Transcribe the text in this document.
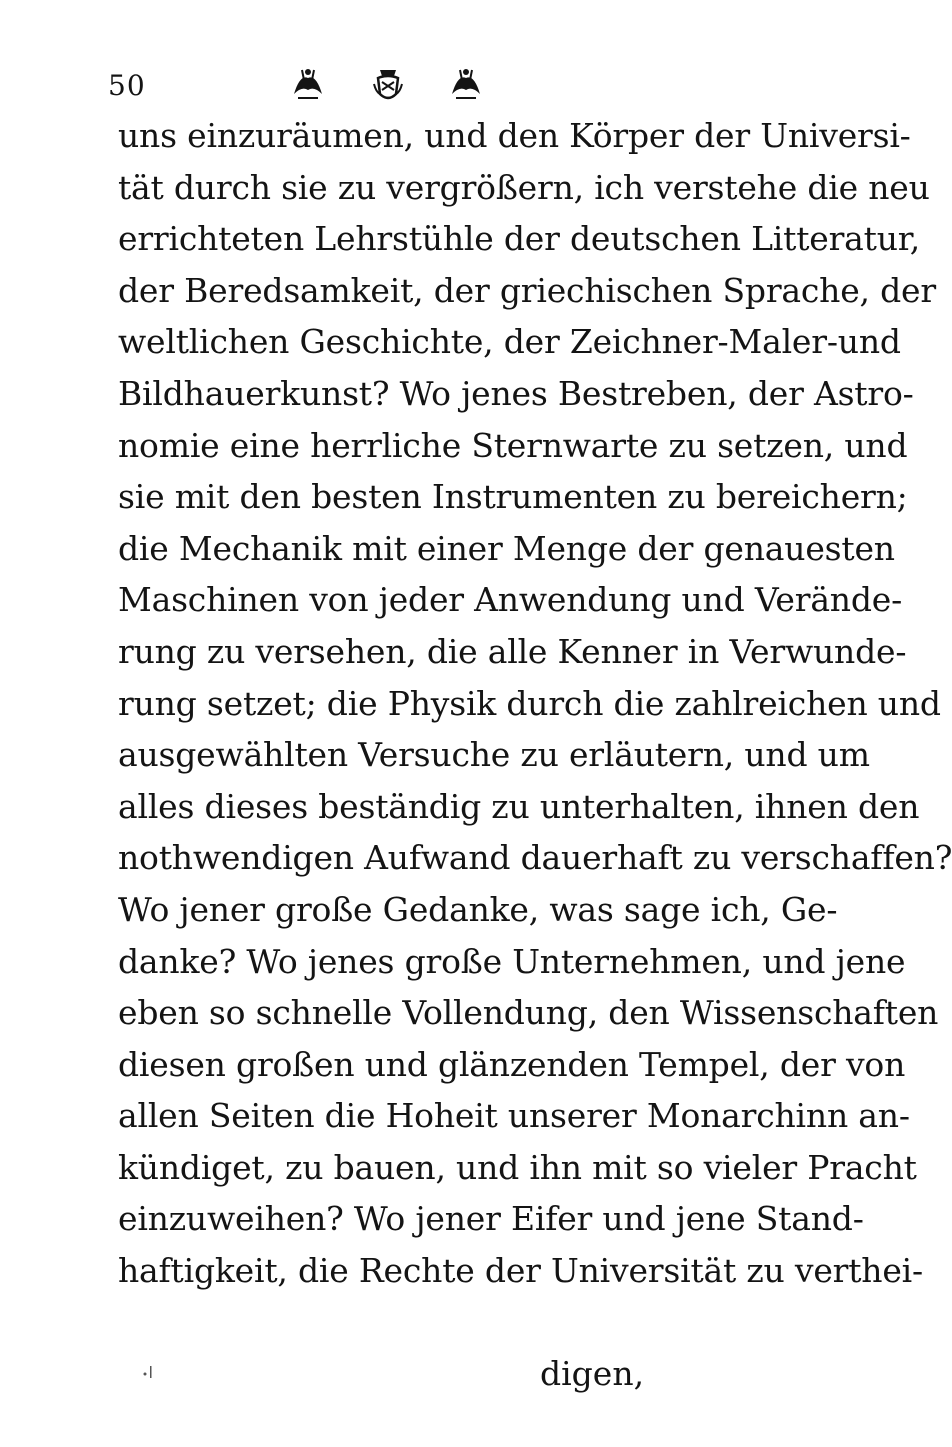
50
uns einzuräumen, und den Körper der Universi-
tät durch sie zu vergrößern, ich verstehe die neu
errichteten Lehrstühle der deutschen Litteratur,
der Beredsamkeit, der griechischen Sprache, der
weltlichen Geschichte, der Zeichner-Maler-und
Bildhauerkunst? Wo jenes Bestreben, der Astro-
nomie eine herrliche Sternwarte zu setzen, und
sie mit den besten Instrumenten zu bereichern;
die Mechanik mit einer Menge der genauesten
Maschinen von jeder Anwendung und Verände-
rung zu versehen, die alle Kenner in Verwunde-
rung setzet; die Physik durch die zahlreichen und
ausgewählten Versuche zu erläutern, und um
alles dieses beständig zu unterhalten, ihnen den
nothwendigen Aufwand dauerhaft zu verschaffen?
Wo jener große Gedanke, was sage ich, Ge-
danke? Wo jenes große Unternehmen, und jene
eben so schnelle Vollendung, den Wissenschaften
diesen großen und glänzenden Tempel, der von
allen Seiten die Hoheit unserer Monarchinn an-
kündiget, zu bauen, und ihn mit so vieler Pracht
einzuweihen? Wo jener Eifer und jene Stand-
haftigkeit, die Rechte der Universität zu verthei-
digen,
